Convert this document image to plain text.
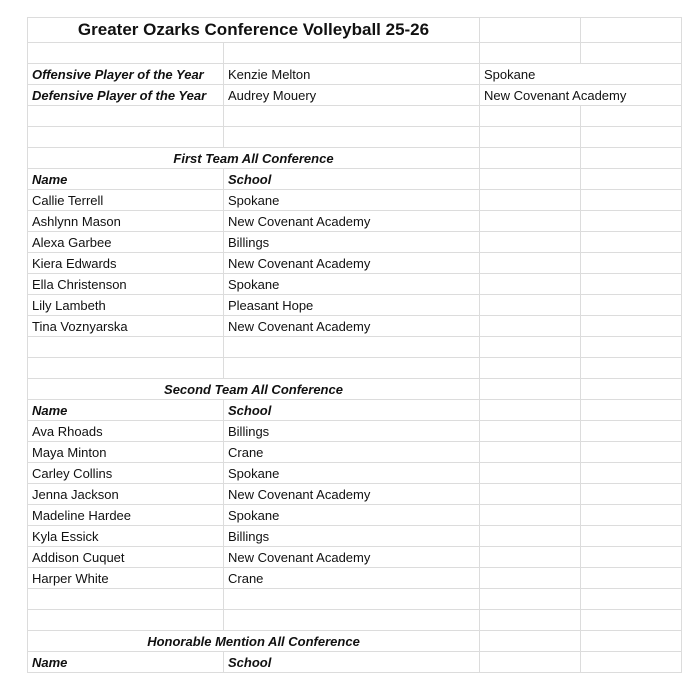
Greater Ozarks Conference Volleyball 25-26			

Offensive Player of the Year	Kenzie Melton	Spokane	
Defensive Player of the Year	Audrey Mouery	New Covenant Academy	

First Team All Conference			
Name	School		
Callie Terrell	Spokane		
Ashlynn Mason	New Covenant Academy		
Alexa Garbee	Billings		
Kiera Edwards	New Covenant Academy		
Ella Christenson	Spokane		
Lily Lambeth	Pleasant Hope		
Tina Voznyarska	New Covenant Academy		

Second Team All Conference			
Name	School		
Ava Rhoads	Billings		
Maya Minton	Crane		
Carley Collins	Spokane		
Jenna Jackson	New Covenant Academy		
Madeline Hardee	Spokane		
Kyla Essick	Billings		
Addison Cuquet	New Covenant Academy		
Harper White	Crane		

Honorable Mention All Conference			
Name	School		
